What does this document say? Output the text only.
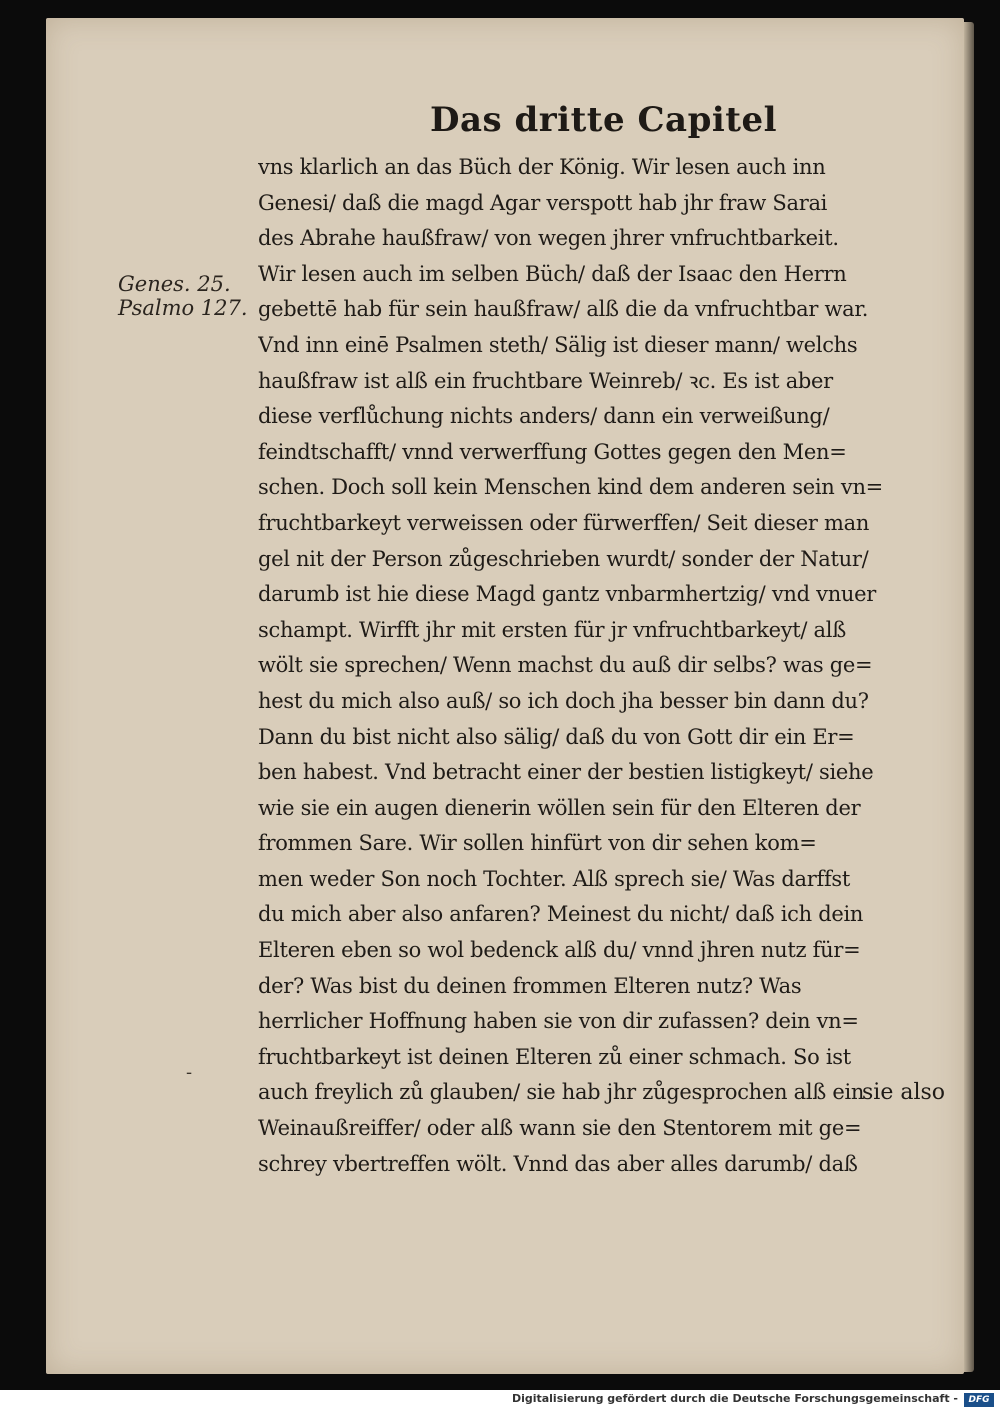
Das dritte Capitel
Genes. 25.
Psalmo 127.
-
vns klarlich an das Büch der König. Wir lesen auch inn
Genesi/ daß die magd Agar verspott hab jhr fraw Sarai
des Abrahe haußfraw/ von wegen jhrer vnfruchtbarkeit.
Wir lesen auch im selben Büch/ daß der Isaac den Herrn
gebettē hab für sein haußfraw/ alß die da vnfruchtbar war.
Vnd inn einē Psalmen steth/ Sälig ist dieser mann/ welchs
haußfraw ist alß ein fruchtbare Weinreb/ ꝛc. Es ist aber
diese verflůchung nichts anders/ dann ein verweißung/
feindtschafft/ vnnd verwerffung Gottes gegen den Men=
schen. Doch soll kein Menschen kind dem anderen sein vn=
fruchtbarkeyt verweissen oder fürwerffen/ Seit dieser man
gel nit der Person zůgeschrieben wurdt/ sonder der Natur/
darumb ist hie diese Magd gantz vnbarmhertzig/ vnd vnuer
schampt. Wirfft jhr mit ersten für jr vnfruchtbarkeyt/ alß
wölt sie sprechen/ Wenn machst du auß dir selbs? was ge=
hest du mich also auß/ so ich doch jha besser bin dann du?
Dann du bist nicht also sälig/ daß du von Gott dir ein Er=
ben habest. Vnd betracht einer der bestien listigkeyt/ siehe
wie sie ein augen dienerin wöllen sein für den Elteren der
frommen Sare. Wir sollen hinfürt von dir sehen kom=
men weder Son noch Tochter. Alß sprech sie/ Was darffst
du mich aber also anfaren? Meinest du nicht/ daß ich dein
Elteren eben so wol bedenck alß du/ vnnd jhren nutz für=
der? Was bist du deinen frommen Elteren nutz? Was
herrlicher Hoffnung haben sie von dir zufassen? dein vn=
fruchtbarkeyt ist deinen Elteren zů einer schmach. So ist
auch freylich zů glauben/ sie hab jhr zůgesprochen alß ein
Weinaußreiffer/ oder alß wann sie den Stentorem mit ge=
schrey vbertreffen wölt. Vnnd das aber alles darumb/ daß
sie also
Digitalisierung gefördert durch die Deutsche Forschungsgemeinschaft -	DFG
